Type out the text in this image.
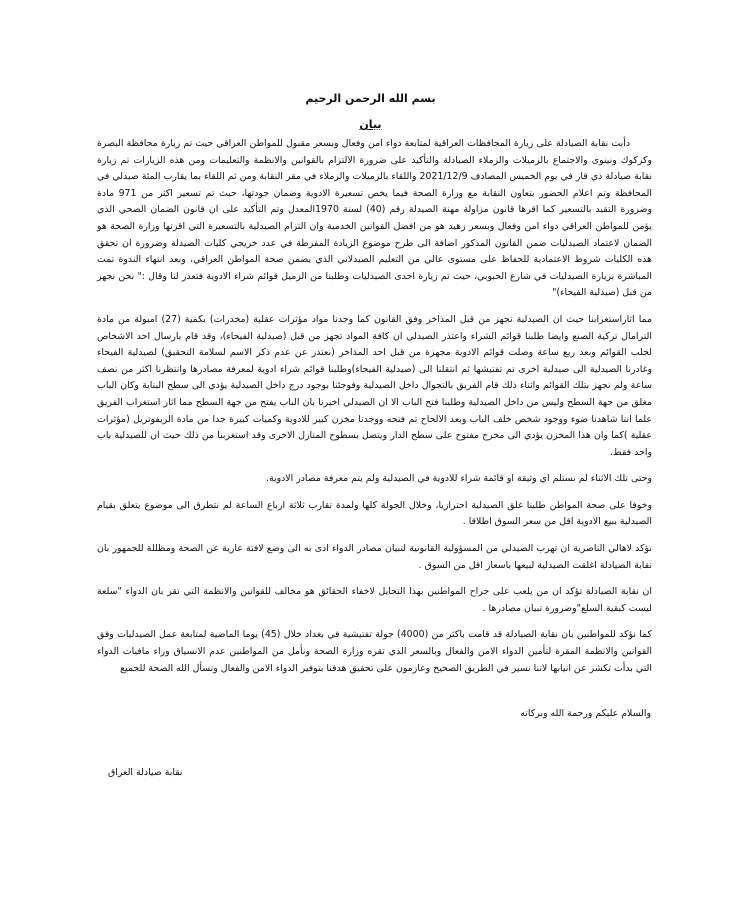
بسم الله الرحمن الرحيم
بيان

دأبت نقابة الصيادلة على زيارة المحافظات العراقية لمتابعة دواء امن وفعال وبسعر مقبول للمواطن العراقي حيث تم زيارة محافظة البصرة وكركوك ونينوى والاجتماع بالزميلات والزملاء الصيادلة والتأكيد على ضرورة الالتزام بالقوانين والانظمة والتعليمات ومن هذه الزيارات تم زيارة نقابة صيادلة ذي قار في يوم الخميس المصادف 2021/12/9 واللقاء بالزميلات والزملاء في مقر النقابة ومن ثم اللقاء بما يقارب المئة صيدلي في المحافظة وتم اعلام الحضور بتعاون النقابة مع وزارة الصحة فيما يخص تسعيرة الادوية وضمان جودتها، حيث تم تسعير اكثر من 971 مادة وضرورة التقيد بالتسعير كما اقرها قانون مزاولة مهنة الصيدلة رقم (40) لسنة 1970المعدل وتم التأكيد على ان قانون الضمان الصحي الذي يؤمن للمواطن العراقي دواء امن وفعال وبسعر زهيد هو من افضل القوانين الخدمية وان التزام الصيدلية بالتسعيرة التي اقرتها وزارة الصحة هو الضمان لاعتماد الصيدليات ضمن القانون المذكور اضافة الى طرح موضوع الزيادة المفرطة في عدد خريجي كليات الصيدلة وضرورة ان تحقق هذه الكليات شروط الاعتمادية للحفاظ على مستوى عالي من التعليم الصيدلاني الذي يضمن صحة المواطن العراقي، وبعد انتهاء الندوة تمت المباشرة بزيارة الصيدليات في شارع الحبوبي، حيث تم زيارة احدى الصيدليات وطلبنا من الزميل قوائم شراء الادوية فتعذر لنا وقال :" نحن نجهز من قبل (صيدلية الفيحاء)"

مما اثاراستغرابنا حيث ان الصيدلية تجهز من قبل المذاخر وفق القانون كما وجدنا مواد مؤثرات عقلية (مخدرات) بكمية (27) امبولة من مادة الترامال تركية الصنع وايضا طلبنا قوائم الشراء واعتذر الصيدلي ان كافة المواد تجهز من قبل (صيدلية الفيحاء)، وقد قام بارسال احد الاشخاص لجلب القوائم وبعد ربع ساعة وصلت قوائم الادوية مجهزة من قبل احد المذاخر (نعتذر عن عدم ذكر الاسم لسلامة التحقيق) لصيدلية الفيحاء وغادرنا الصيدلية الى صيدلية اخرى تم تفتيشها ثم انتقلنا الى (صيدلية الفيحاء)وطلبنا قوائم شراء ادوية لمعرفة مصادرها وانتظرنا اكثر من نصف ساعة ولم نجهز بتلك القوائم واثناء ذلك قام الفريق بالتجوال داخل الصيدلية وفوجئنا بوجود درج داخل الصيدلية يؤدي الى سطح البناية وكان الباب مغلق من جهة السطح وليس من داخل الصيدلية وطلبنا فتح الباب الا ان الصيدلي اخبرنا بان الباب يفتح من جهة السطح مما اثار استغراب الفريق علما اننا شاهدنا ضوء ووجود شخص خلف الباب وبعد الالحاح تم فتحه ووجدنا مخزن كبير للادوية وكميات كبيرة جدا من مادة الريفوتريل (مؤثرات عقلية )كما وان هذا المخزن يؤدي الى مخرج مفتوح على سطح الدار ويتصل بسطوح المنازل الاخرى وقد استغربنا من ذلك حيث ان للصيدلية باب واحد فقط.

وحتى تلك الاثناء لم نستلم اي وثيقة او قائمة شراء للادوية في الصيدلية ولم يتم معرفة مصادر الادوية.

وخوفا على صحة المواطن طلبنا غلق الصيدلية احترازيا، وخلال الجولة كلها ولمدة تقارب ثلاثة ارباع الساعة لم نتطرق الى موضوع يتعلق بقيام الصيدلية ببيع الادوية اقل من سعر السوق اطلاقا .

نؤكد لاهالي الناصرية ان تهرب الصيدلي من المسؤولية القانونية لتبيان مصادر الدواء ادى به الى وضع لافتة عارية عن الصحة ومظللة للجمهور بان نقابة الصيادلة اغلقت الصيدلية لبيعها باسعار اقل من السوق .

ان نقابة الصيادلة تؤكد ان من يلعب على جراح المواطنين بهذا التحايل لاخفاء الحقائق هو مخالف للقوانين والانظمة التي تقر بان الدواء "سلعة ليست كبقية السلع"وضرورة تبيان مصادرها .

كما نؤكد للمواطنين بان نقابة الصيادلة قد قامت باكثر من (4000) جولة تفتيشية في بغداد خلال (45) يوما الماضية لمتابعة عمل الصيدليات وفق القوانين والانظمة المقرة لتأمين الدواء الامن والفعال وبالسعر الذي تقره وزارة الصحة ونأمل من المواطنين عدم الانسياق وراء مافيات الدواء التي بدأت تكشر عن انيابها لاننا نسير في الطريق الصحيح وعازمون على تحقيق هدفنا بتوفير الدواء الامن والفعال ونسأل الله الصحة للجميع

والسلام عليكم ورحمة الله وبركاته
نقابة صيادلة العراق
